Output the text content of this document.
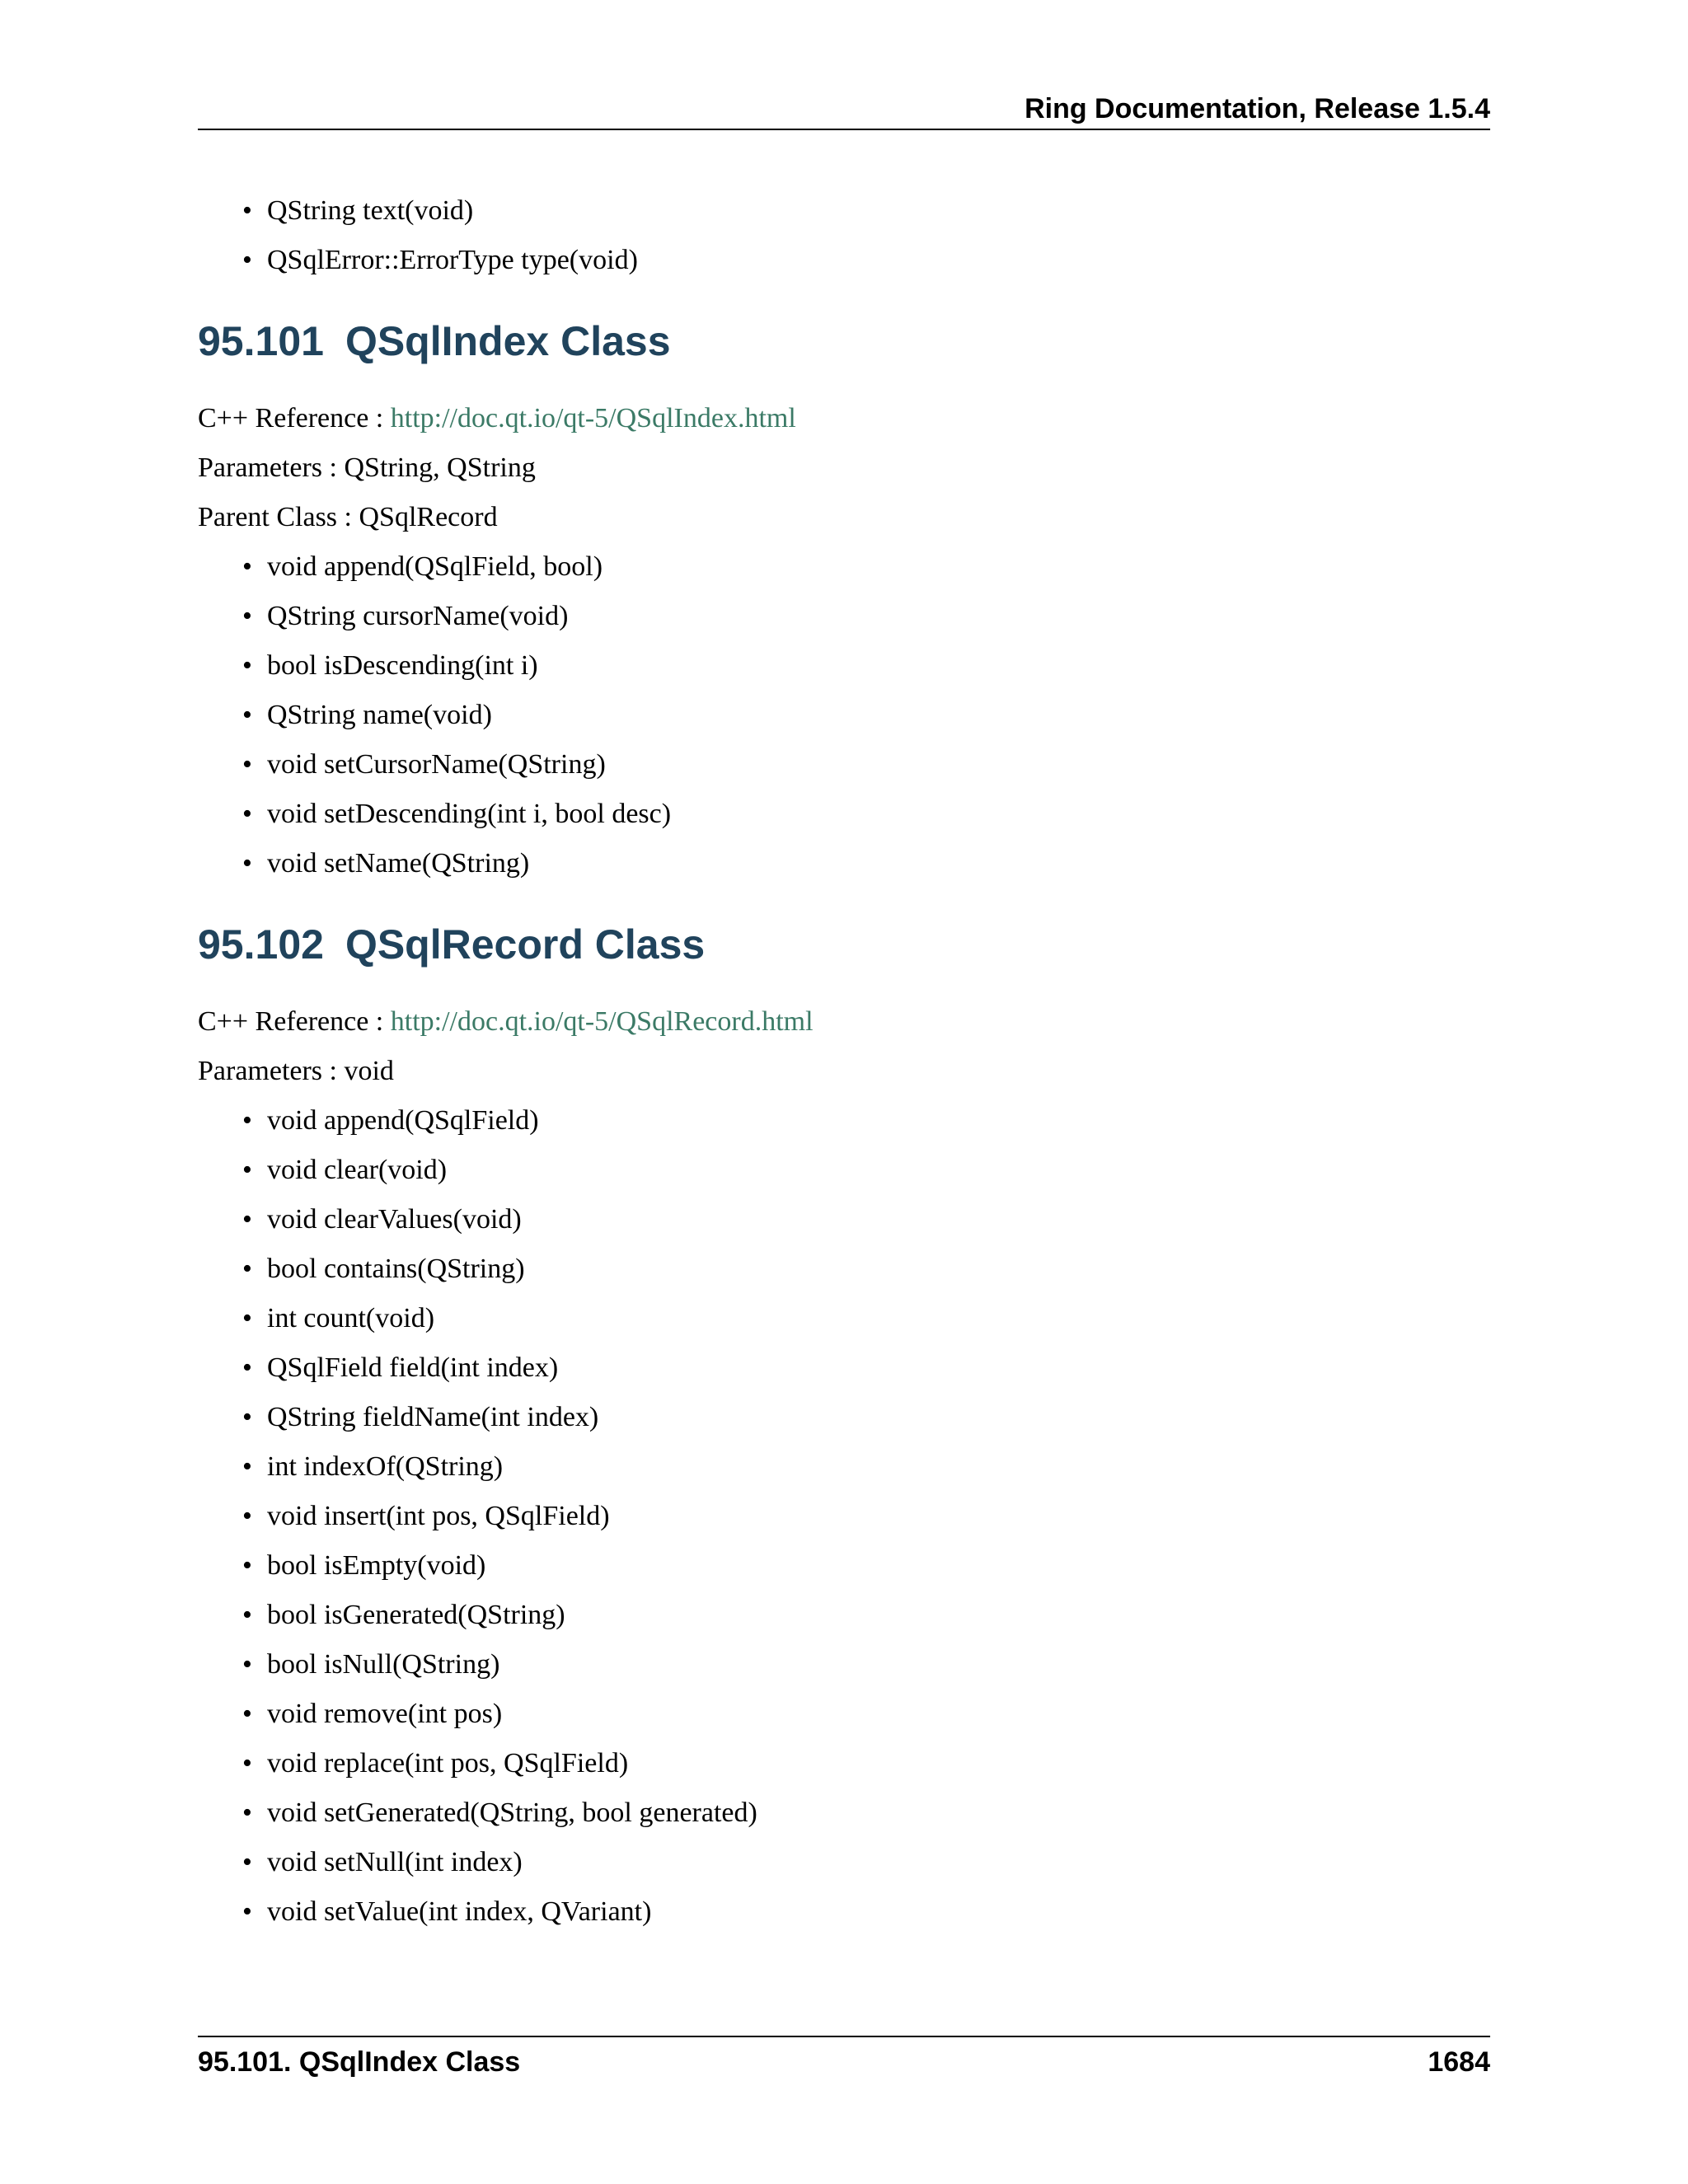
Ring Documentation, Release 1.5.4
• QString text(void)
• QSqlError::ErrorType type(void)
95.101 QSqlIndex Class

C++ Reference : http://doc.qt.io/qt-5/QSqlIndex.html

Parameters : QString, QString

Parent Class : QSqlRecord

• void append(QSqlField, bool)
• QString cursorName(void)
• bool isDescending(int i)
• QString name(void)
• void setCursorName(QString)
• void setDescending(int i, bool desc)
• void setName(QString)
95.102 QSqlRecord Class

C++ Reference : http://doc.qt.io/qt-5/QSqlRecord.html

Parameters : void

• void append(QSqlField)
• void clear(void)
• void clearValues(void)
• bool contains(QString)
• int count(void)
• QSqlField field(int index)
• QString fieldName(int index)
• int indexOf(QString)
• void insert(int pos, QSqlField)
• bool isEmpty(void)
• bool isGenerated(QString)
• bool isNull(QString)
• void remove(int pos)
• void replace(int pos, QSqlField)
• void setGenerated(QString, bool generated)
• void setNull(int index)
• void setValue(int index, QVariant)
95.101. QSqlIndex Class	1684
